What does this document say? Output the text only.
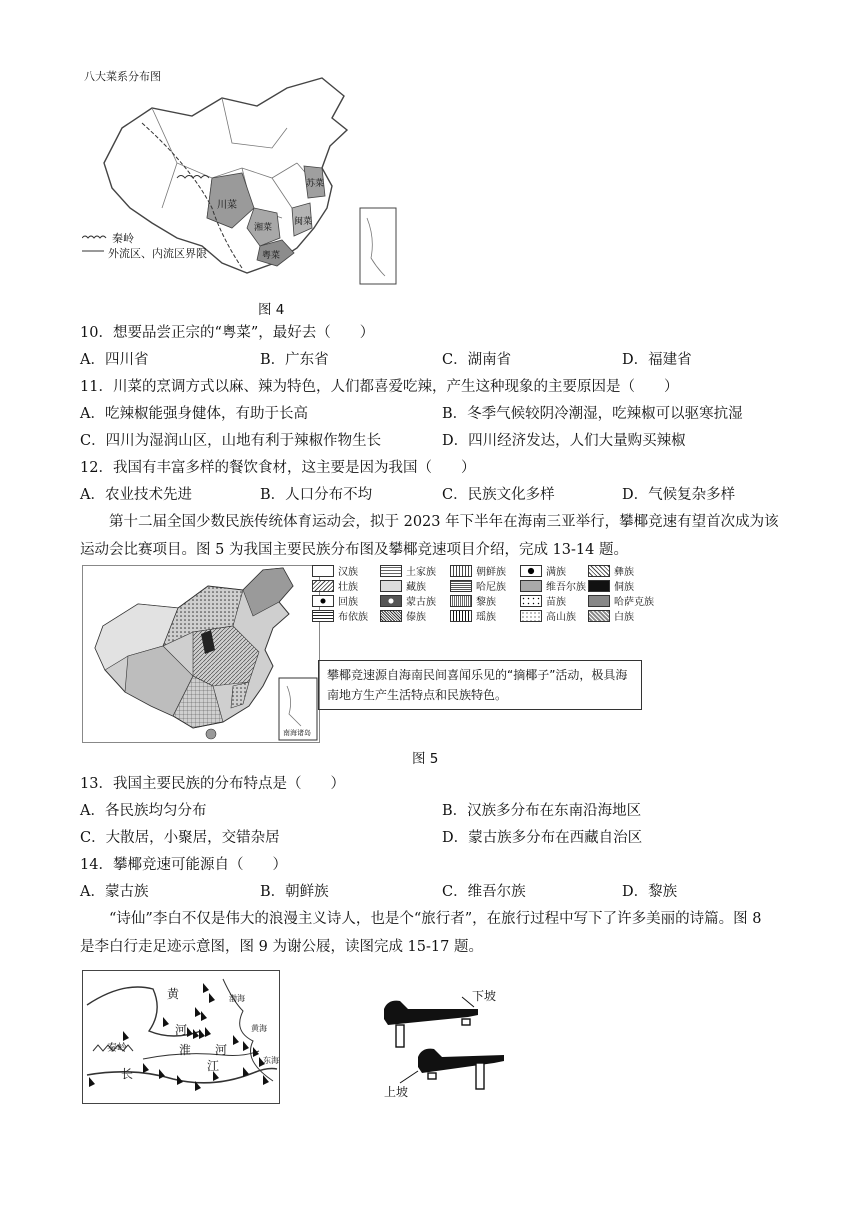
八大菜系分布图
川菜
湘菜
粤菜
闽菜
苏菜
秦岭
外流区、内流区界限
图 4
10．想要品尝正宗的“粤菜”，最好去（　　）
A．四川省	B．广东省	C．湖南省	D．福建省
11．川菜的烹调方式以麻、辣为特色，人们都喜爱吃辣，产生这种现象的主要原因是（　　）
A．吃辣椒能强身健体，有助于长高	B．冬季气候较阴冷潮湿，吃辣椒可以驱寒抗湿
C．四川为湿润山区，山地有利于辣椒作物生长	D．四川经济发达，人们大量购买辣椒
12．我国有丰富多样的餐饮食材，这主要是因为我国（　　）
A．农业技术先进	B．人口分布不均	C．民族文化多样	D．气候复杂多样
第十二届全国少数民族传统体育运动会，拟于 2023 年下半年在海南三亚举行，攀椰竞速有望首次成为该运动会比赛项目。图 5 为我国主要民族分布图及攀椰竞速项目介绍，完成 13-14 题。
南海诸岛
汉族	土家族	朝鲜族	满族	彝族
壮族	藏族	哈尼族	维吾尔族	侗族
回族	蒙古族	黎族	苗族	哈萨克族
布依族	傣族	瑶族	高山族	白族
攀椰竞速源自海南民间喜闻乐见的“摘椰子”活动，极具海南地方生产生活特点和民族特色。
图 5
13．我国主要民族的分布特点是（　　）
A．各民族均匀分布	B．汉族多分布在东南沿海地区
C．大散居，小聚居，交错杂居	D．蒙古族多分布在西藏自治区
14．攀椰竞速可能源自（　　）
A．蒙古族	B．朝鲜族	C．维吾尔族	D．黎族
“诗仙”李白不仅是伟大的浪漫主义诗人，也是个“旅行者”，在旅行过程中写下了许多美丽的诗篇。图 8 是李白行走足迹示意图，图 9 为谢公屐，读图完成 15-17 题。
黄
河
淮 河
长
江
秦岭
渤海
黄海
东海
下坡
上坡
